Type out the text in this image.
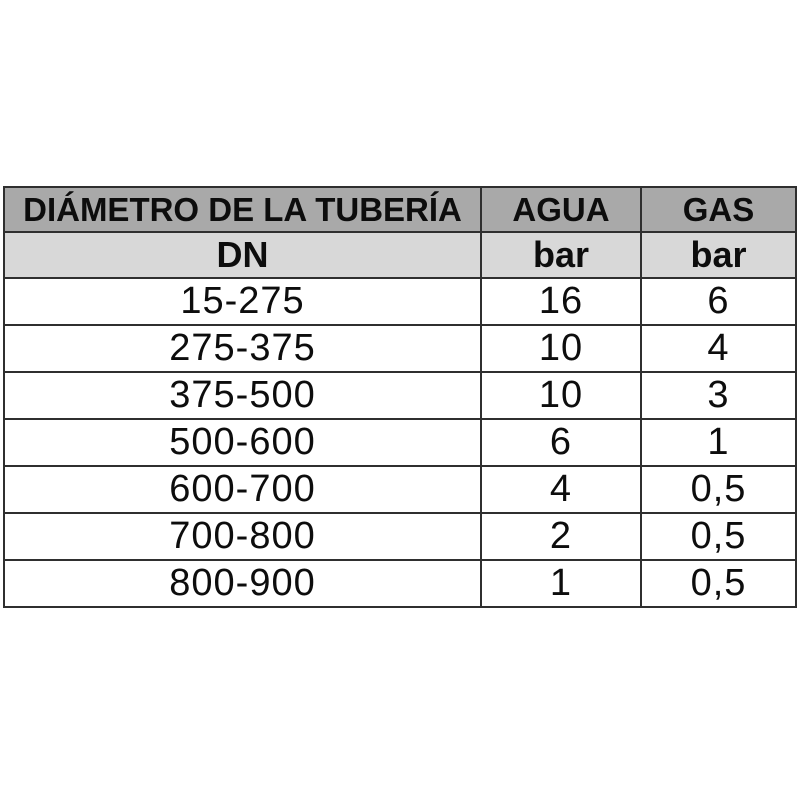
DIÁMETRO DE LA TUBERÍA	AGUA	GAS
DN	bar	bar
15-275	16	6
275-375	10	4
375-500	10	3
500-600	6	1
600-700	4	0,5
700-800	2	0,5
800-900	1	0,5
